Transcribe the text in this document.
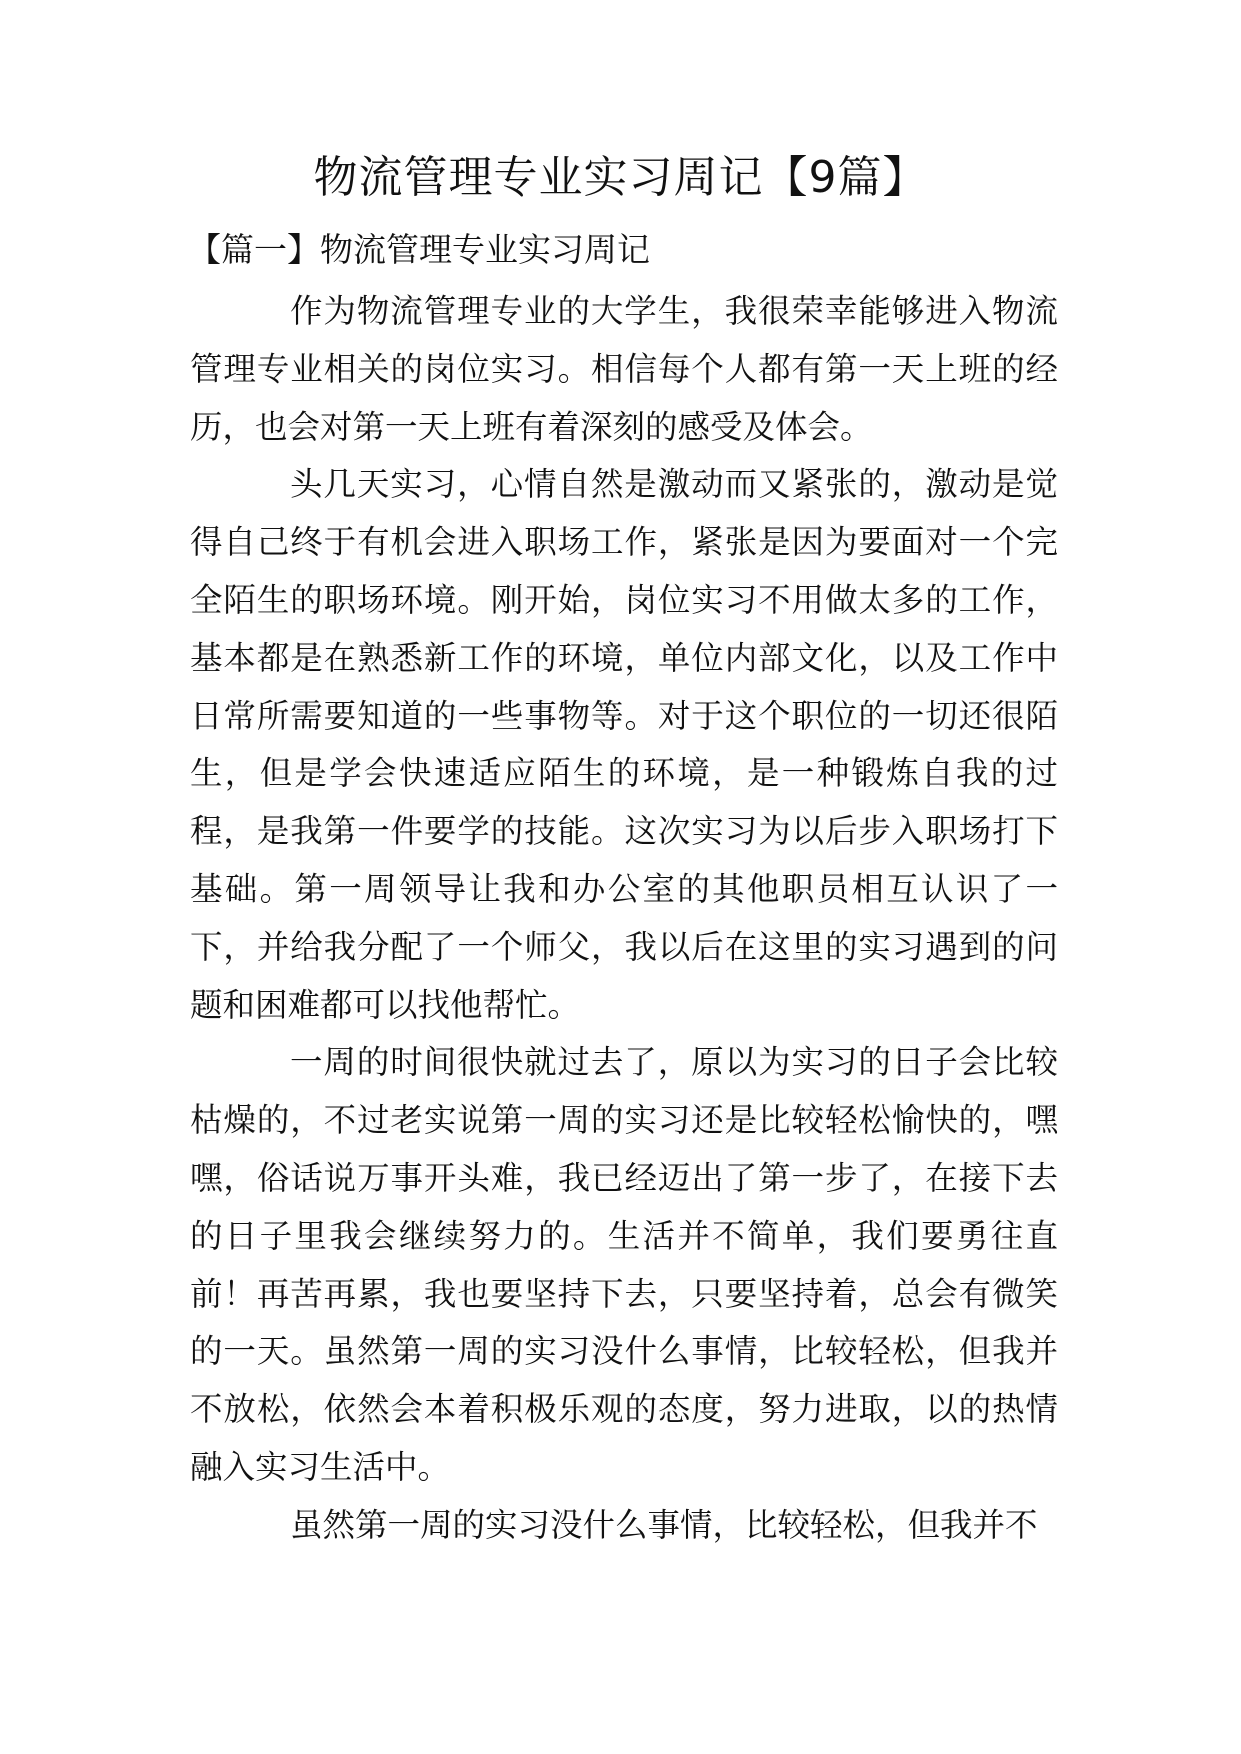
物流管理专业实习周记【9篇】
【篇一】物流管理专业实习周记

作为物流管理专业的大学生，我很荣幸能够进入物流管理专业相关的岗位实习。相信每个人都有第一天上班的经历，也会对第一天上班有着深刻的感受及体会。

头几天实习，心情自然是激动而又紧张的，激动是觉得自己终于有机会进入职场工作，紧张是因为要面对一个完全陌生的职场环境。刚开始，岗位实习不用做太多的工作，基本都是在熟悉新工作的环境，单位内部文化，以及工作中日常所需要知道的一些事物等。对于这个职位的一切还很陌生，但是学会快速适应陌生的环境，是一种锻炼自我的过程，是我第一件要学的技能。这次实习为以后步入职场打下基础。第一周领导让我和办公室的其他职员相互认识了一下，并给我分配了一个师父，我以后在这里的实习遇到的问题和困难都可以找他帮忙。

一周的时间很快就过去了，原以为实习的日子会比较枯燥的，不过老实说第一周的实习还是比较轻松愉快的，嘿嘿，俗话说万事开头难，我已经迈出了第一步了，在接下去的日子里我会继续努力的。生活并不简单，我们要勇往直前！再苦再累，我也要坚持下去，只要坚持着，总会有微笑的一天。虽然第一周的实习没什么事情，比较轻松，但我并不放松，依然会本着积极乐观的态度，努力进取，以的热情融入实习生活中。

虽然第一周的实习没什么事情，比较轻松，但我并不
